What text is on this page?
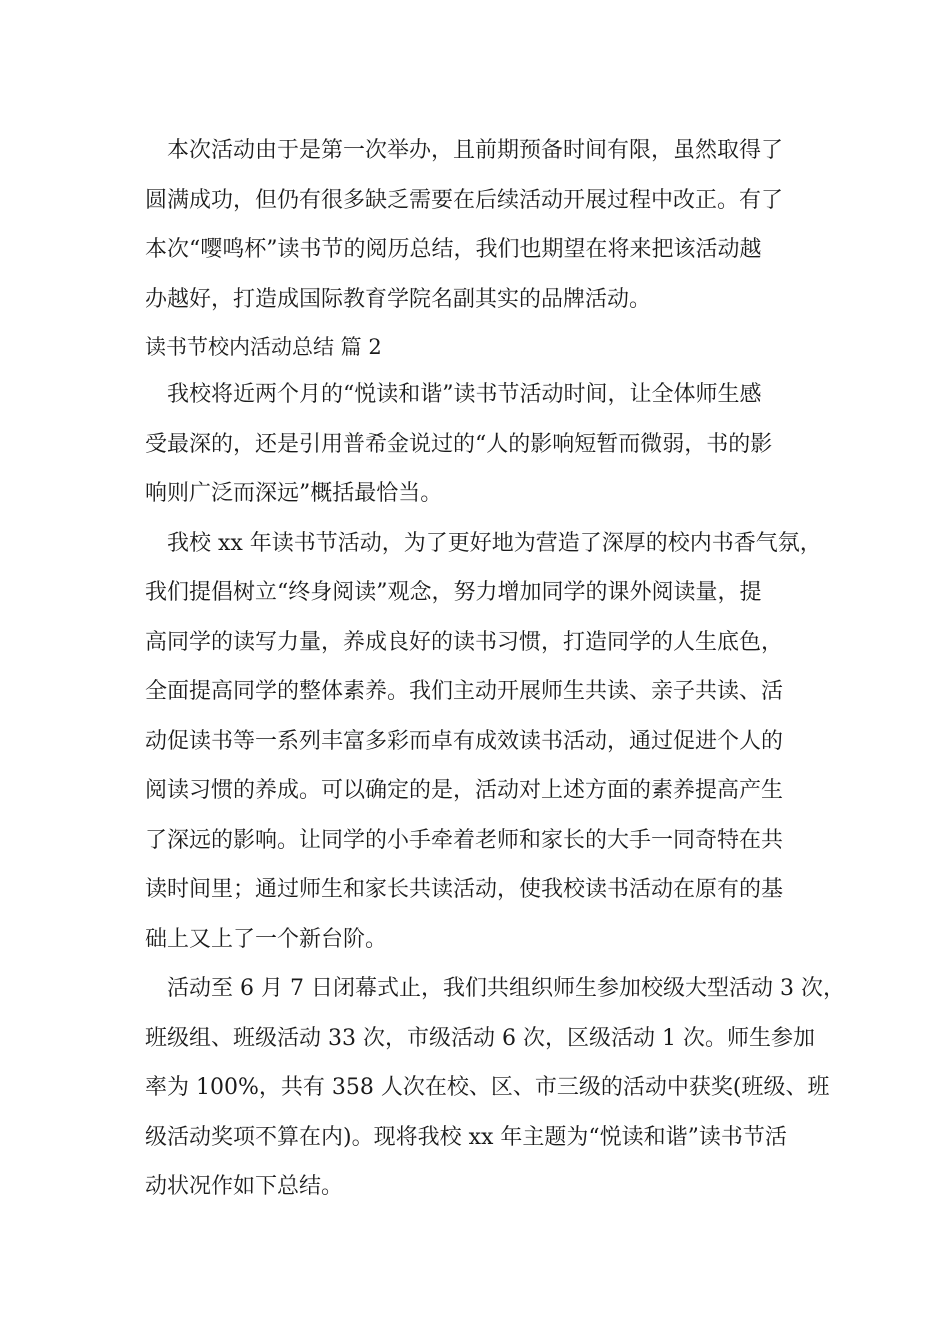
本次活动由于是第一次举办，且前期预备时间有限，虽然取得了
圆满成功，但仍有很多缺乏需要在后续活动开展过程中改正。有了
本次“嘤鸣杯”读书节的阅历总结，我们也期望在将来把该活动越
办越好，打造成国际教育学院名副其实的品牌活动。
读书节校内活动总结 篇 2
我校将近两个月的“悦读和谐”读书节活动时间，让全体师生感
受最深的，还是引用普希金说过的“人的影响短暂而微弱，书的影
响则广泛而深远”概括最恰当。
我校 xx 年读书节活动，为了更好地为营造了深厚的校内书香气氛，
我们提倡树立“终身阅读”观念，努力增加同学的课外阅读量，提
高同学的读写力量，养成良好的读书习惯，打造同学的人生底色，
全面提高同学的整体素养。我们主动开展师生共读、亲子共读、活
动促读书等一系列丰富多彩而卓有成效读书活动，通过促进个人的
阅读习惯的养成。可以确定的是，活动对上述方面的素养提高产生
了深远的影响。让同学的小手牵着老师和家长的大手一同奇特在共
读时间里；通过师生和家长共读活动，使我校读书活动在原有的基
础上又上了一个新台阶。
活动至 6 月 7 日闭幕式止，我们共组织师生参加校级大型活动 3 次，
班级组、班级活动 33 次，市级活动 6 次，区级活动 1 次。师生参加
率为 100%，共有 358 人次在校、区、市三级的活动中获奖(班级、班
级活动奖项不算在内)。现将我校 xx 年主题为“悦读和谐”读书节活
动状况作如下总结。
